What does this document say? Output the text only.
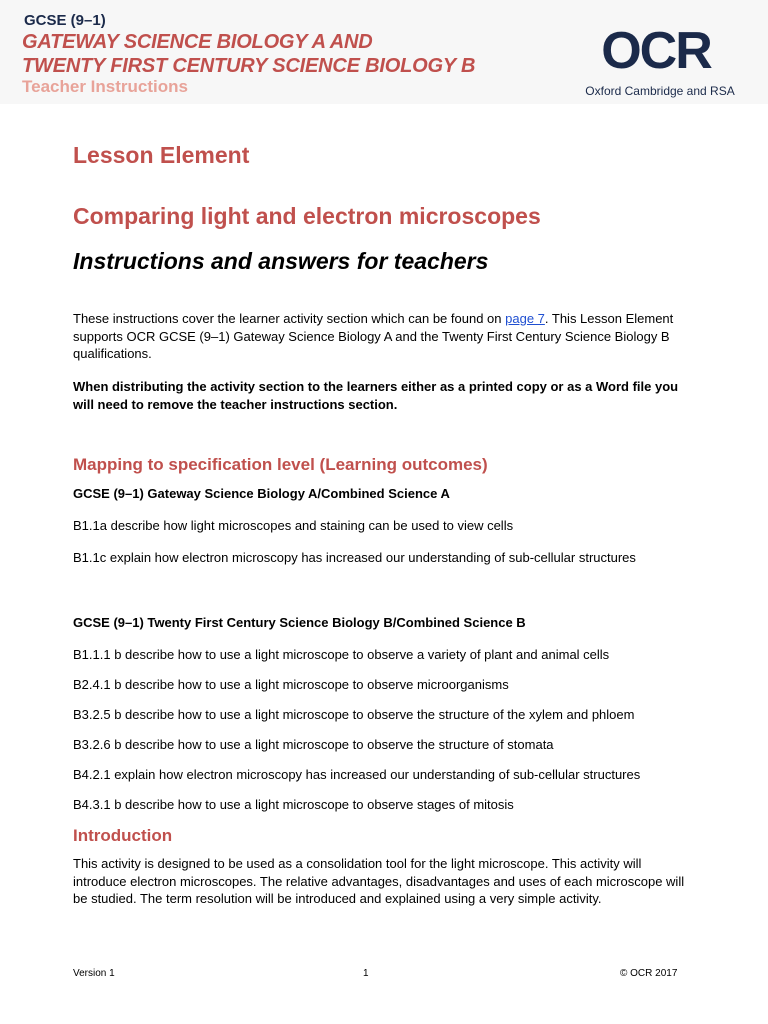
GCSE (9–1)
GATEWAY SCIENCE BIOLOGY A AND
TWENTY FIRST CENTURY SCIENCE BIOLOGY B
Teacher Instructions
OCR
Oxford Cambridge and RSA
Lesson Element
Comparing light and electron microscopes
Instructions and answers for teachers
These instructions cover the learner activity section which can be found on page 7. This Lesson Element supports OCR GCSE (9–1) Gateway Science Biology A and the Twenty First Century Science Biology B qualifications.
When distributing the activity section to the learners either as a printed copy or as a Word file you will need to remove the teacher instructions section.
Mapping to specification level (Learning outcomes)
GCSE (9–1) Gateway Science Biology A/Combined Science A
B1.1a describe how light microscopes and staining can be used to view cells
B1.1c explain how electron microscopy has increased our understanding of sub-cellular structures
GCSE (9–1) Twenty First Century Science Biology B/Combined Science B
B1.1.1 b describe how to use a light microscope to observe a variety of plant and animal cells
B2.4.1 b describe how to use a light microscope to observe microorganisms
B3.2.5 b describe how to use a light microscope to observe the structure of the xylem and phloem
B3.2.6 b describe how to use a light microscope to observe the structure of stomata
B4.2.1 explain how electron microscopy has increased our understanding of sub-cellular structures
B4.3.1 b describe how to use a light microscope to observe stages of mitosis
Introduction
This activity is designed to be used as a consolidation tool for the light microscope. This activity will introduce electron microscopes. The relative advantages, disadvantages and uses of each microscope will be studied. The term resolution will be introduced and explained using a very simple activity.
Version 1	1	© OCR 2017
